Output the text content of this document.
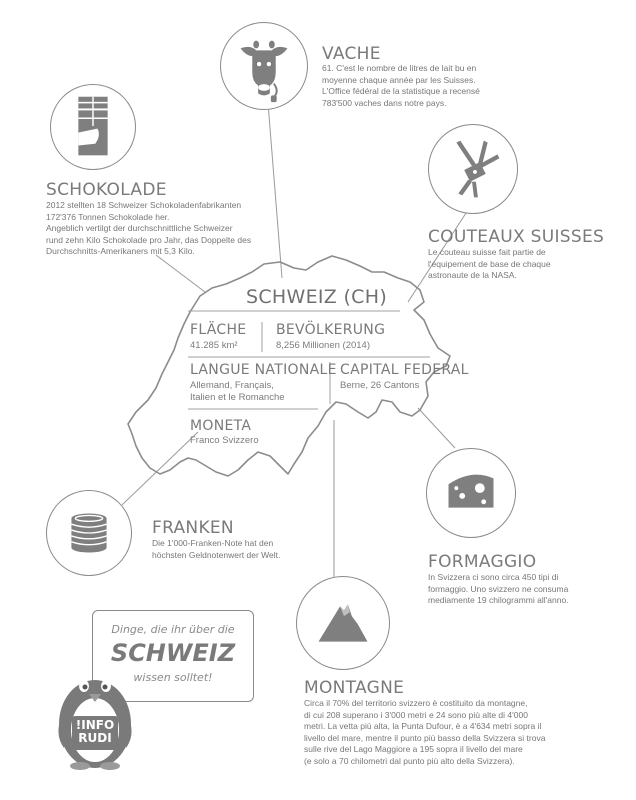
VACHE

61. C'est le nombre de litres de lait bu en
moyenne chaque année par les Suisses.
L'Office fédéral de la statistique a recensé
783'500 vaches dans notre pays.

SCHOKOLADE

2012 stellten 18 Schweizer Schokoladenfabrikanten
172'376 Tonnen Schokolade her.
Angeblich vertilgt der durchschnittliche Schweizer
rund zehn Kilo Schokolade pro Jahr, das Doppelte des
Durchschnitts-Amerikaners mit 5,3 Kilo.

COUTEAUX SUISSES

Le couteau suisse fait partie de
l'équipement de base de chaque
astronaute de la NASA.

SCHWEIZ (CH)
FLÄCHE

41.285 km²

BEVÖLKERUNG

8,256 Millionen (2014)

LANGUE NATIONALE

Allemand, Français,
Italien et le Romanche

CAPITAL FEDERAL

Berne, 26 Cantons

MONETA

Franco Svizzero

FORMAGGIO

In Svizzera ci sono circa 450 tipi di
formaggio. Uno svizzero ne consuma
mediamente 19 chilogrammi all'anno.

FRANKEN

Die 1'000-Franken-Note hat den
höchsten Geldnotenwert der Welt.

MONTAGNE

Circa il 70% del territorio svizzero è costituito da montagne,
di cui 208 superano i 3'000 metri e 24 sono più alte di 4'000
metri. La vetta più alta, la Punta Dufour, è a 4'634 metri sopra il
livello del mare, mentre il punto più basso della Svizzera si trova
sulle rive del Lago Maggiore a 195 sopra il livello del mare
(e solo a 70 chilometri dal punto più alto della Svizzera).

Dinge, die ihr über die
SCHWEIZ
wissen solltet!
!INFO
RUDI
